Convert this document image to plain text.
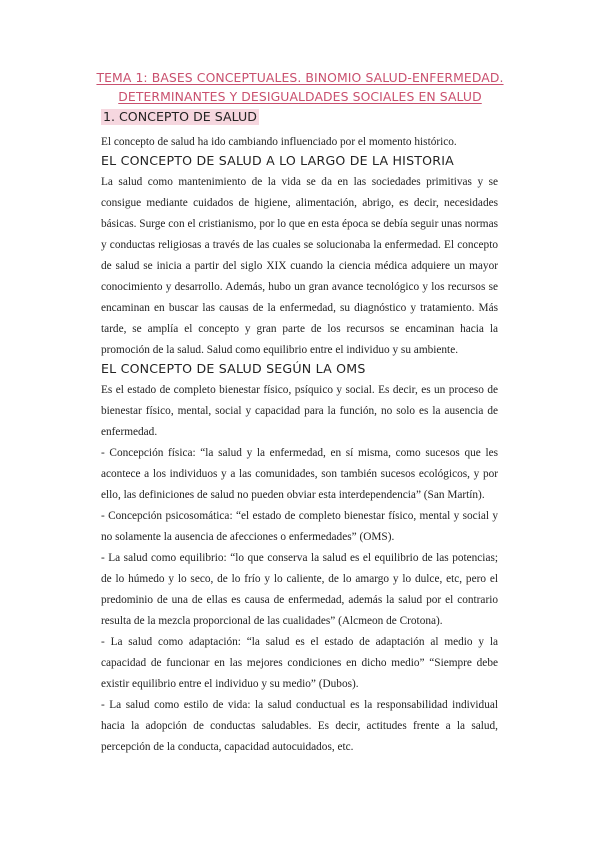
TEMA 1: BASES CONCEPTUALES. BINOMIO SALUD-ENFERMEDAD.
DETERMINANTES Y DESIGUALDADES SOCIALES EN SALUD
1. CONCEPTO DE SALUD
El concepto de salud ha ido cambiando influenciado por el momento histórico.
EL CONCEPTO DE SALUD A LO LARGO DE LA HISTORIA
La salud como mantenimiento de la vida se da en las sociedades primitivas y se consigue mediante cuidados de higiene, alimentación, abrigo, es decir, necesidades básicas. Surge con el cristianismo, por lo que en esta época se debía seguir unas normas y conductas religiosas a través de las cuales se solucionaba la enfermedad. El concepto de salud se inicia a partir del siglo XIX cuando la ciencia médica adquiere un mayor conocimiento y desarrollo. Además, hubo un gran avance tecnológico y los recursos se encaminan en buscar las causas de la enfermedad, su diagnóstico y tratamiento. Más tarde, se amplía el concepto y gran parte de los recursos se encaminan hacia la promoción de la salud. Salud como equilibrio entre el individuo y su ambiente.
EL CONCEPTO DE SALUD SEGÚN LA OMS
Es el estado de completo bienestar físico, psíquico y social. Es decir, es un proceso de bienestar físico, mental, social y capacidad para la función, no solo es la ausencia de enfermedad.
- Concepción física: “la salud y la enfermedad, en sí misma, como sucesos que les acontece a los individuos y a las comunidades, son también sucesos ecológicos, y por ello, las definiciones de salud no pueden obviar esta interdependencia” (San Martín).
- Concepción psicosomática: “el estado de completo bienestar físico, mental y social y no solamente la ausencia de afecciones o enfermedades” (OMS).
- La salud como equilibrio: “lo que conserva la salud es el equilibrio de las potencias; de lo húmedo y lo seco, de lo frío y lo caliente, de lo amargo y lo dulce, etc, pero el predominio de una de ellas es causa de enfermedad, además la salud por el contrario resulta de la mezcla proporcional de las cualidades” (Alcmeon de Crotona).
- La salud como adaptación: “la salud es el estado de adaptación al medio y la capacidad de funcionar en las mejores condiciones en dicho medio” “Siempre debe existir equilibrio entre el individuo y su medio” (Dubos).
- La salud como estilo de vida: la salud conductual es la responsabilidad individual hacia la adopción de conductas saludables. Es decir, actitudes frente a la salud, percepción de la conducta, capacidad autocuidados, etc.
